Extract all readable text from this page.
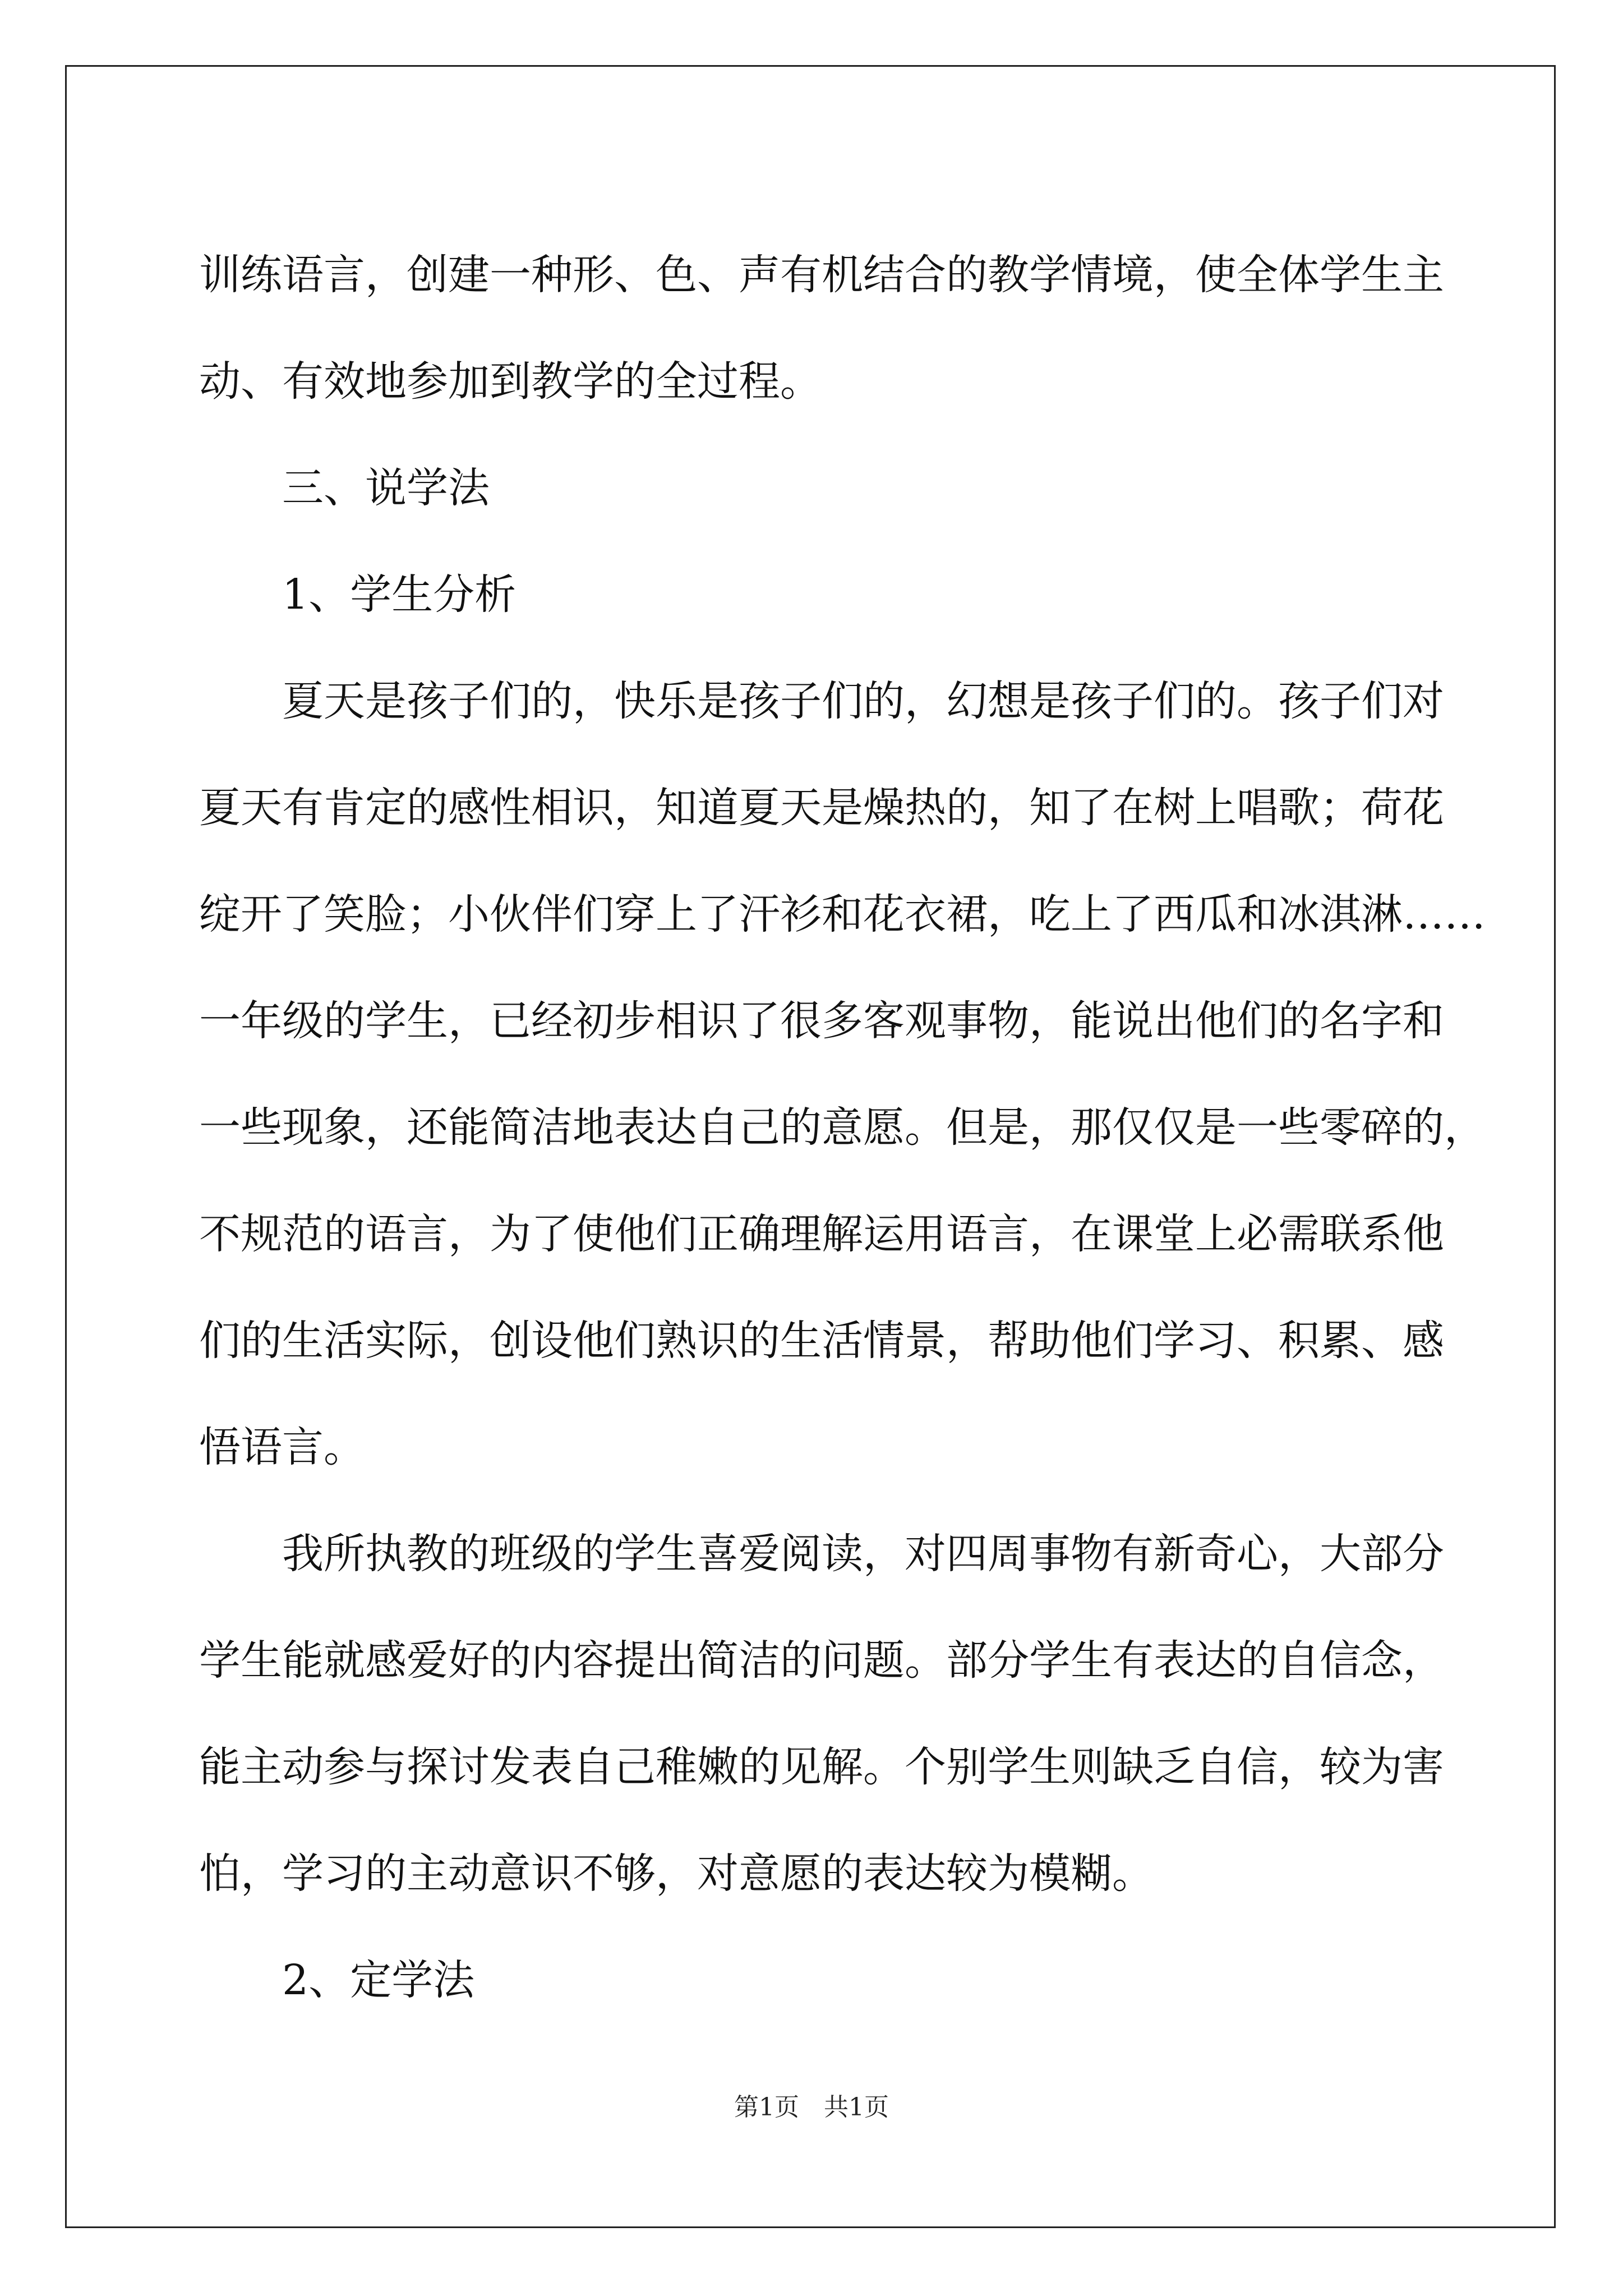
训练语言，创建一种形、色、声有机结合的教学情境，使全体学生主
动、有效地参加到教学的全过程。
三、说学法
1、学生分析
夏天是孩子们的，快乐是孩子们的，幻想是孩子们的。孩子们对
夏天有肯定的感性相识，知道夏天是燥热的，知了在树上唱歌；荷花
绽开了笑脸；小伙伴们穿上了汗衫和花衣裙，吃上了西瓜和冰淇淋……
一年级的学生，已经初步相识了很多客观事物，能说出他们的名字和
一些现象，还能简洁地表达自己的意愿。但是，那仅仅是一些零碎的，
不规范的语言，为了使他们正确理解运用语言，在课堂上必需联系他
们的生活实际，创设他们熟识的生活情景，帮助他们学习、积累、感
悟语言。
我所执教的班级的学生喜爱阅读，对四周事物有新奇心，大部分
学生能就感爱好的内容提出简洁的问题。部分学生有表达的自信念，
能主动参与探讨发表自己稚嫩的见解。个别学生则缺乏自信，较为害
怕，学习的主动意识不够，对意愿的表达较为模糊。
2、定学法
第1页　共1页
